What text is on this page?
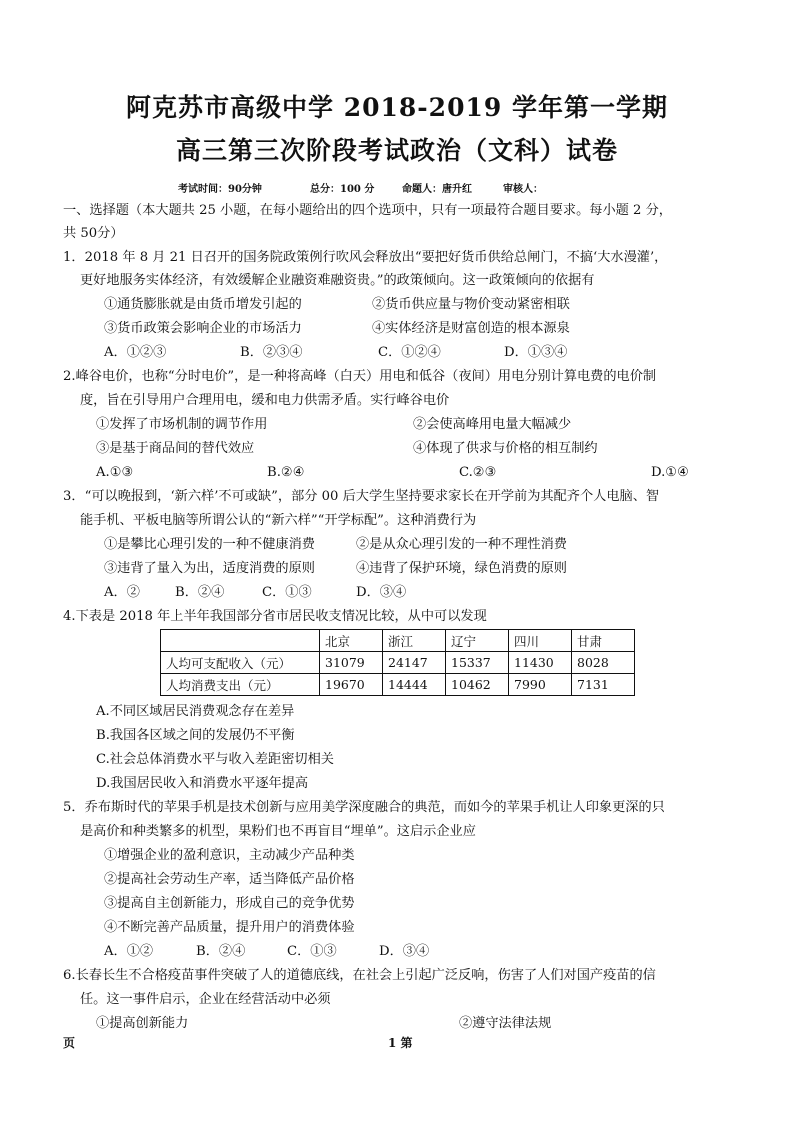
阿克苏市高级中学 2018-2019 学年第一学期
高三第三次阶段考试政治（文科）试卷
考试时间：90分钟	总分：100 分	命题人：唐升红	审核人：
一、选择题（本大题共 25 小题，在每小题给出的四个选项中，只有一项最符合题目要求。每小题 2 分，
共 50分）
1．2018 年 8 月 21 日召开的国务院政策例行吹风会释放出“要把好货币供给总闸门，不搞‘大水漫灌’，
更好地服务实体经济，有效缓解企业融资难融资贵。”的政策倾向。这一政策倾向的依据有
①通货膨胀就是由货币增发引起的	②货币供应量与物价变动紧密相联
③货币政策会影响企业的市场活力	④实体经济是财富创造的根本源泉
A．①②③	B．②③④	C．①②④	D．①③④
2.峰谷电价，也称“分时电价”，是一种将高峰（白天）用电和低谷（夜间）用电分别计算电费的电价制
度，旨在引导用户合理用电，缓和电力供需矛盾。实行峰谷电价
①发挥了市场机制的调节作用	②会使高峰用电量大幅减少
③是基于商品间的替代效应	④体现了供求与价格的相互制约
A.①③	B.②④	C.②③	D.①④
3．“可以晚报到，‘新六样’不可或缺”，部分 00 后大学生坚持要求家长在开学前为其配齐个人电脑、智
能手机、平板电脑等所谓公认的“新六样”“开学标配”。这种消费行为
①是攀比心理引发的一种不健康消费	②是从众心理引发的一种不理性消费
③违背了量入为出，适度消费的原则	④违背了保护环境，绿色消费的原则
A．②	B．②④	C．①③	D．③④
4.下表是 2018 年上半年我国部分省市居民收支情况比较，从中可以发现
	北京	浙江	辽宁	四川	甘肃
人均可支配收入（元）	31079	24147	15337	11430	8028
人均消费支出（元）	19670	14444	10462	7990	7131
A.不同区域居民消费观念存在差异
B.我国各区域之间的发展仍不平衡
C.社会总体消费水平与收入差距密切相关
D.我国居民收入和消费水平逐年提高
5．乔布斯时代的苹果手机是技术创新与应用美学深度融合的典范，而如今的苹果手机让人印象更深的只
是高价和种类繁多的机型，果粉们也不再盲目“埋单”。这启示企业应
①增强企业的盈利意识，主动减少产品种类
②提高社会劳动生产率，适当降低产品价格
③提高自主创新能力，形成自己的竞争优势
④不断完善产品质量，提升用户的消费体验
A．①②	B．②④	C．①③	D．③④
6.长春长生不合格疫苗事件突破了人的道德底线，在社会上引起广泛反响，伤害了人们对国产疫苗的信
任。这一事件启示，企业在经营活动中必须
①提高创新能力	②遵守法律法规
页	1 第
